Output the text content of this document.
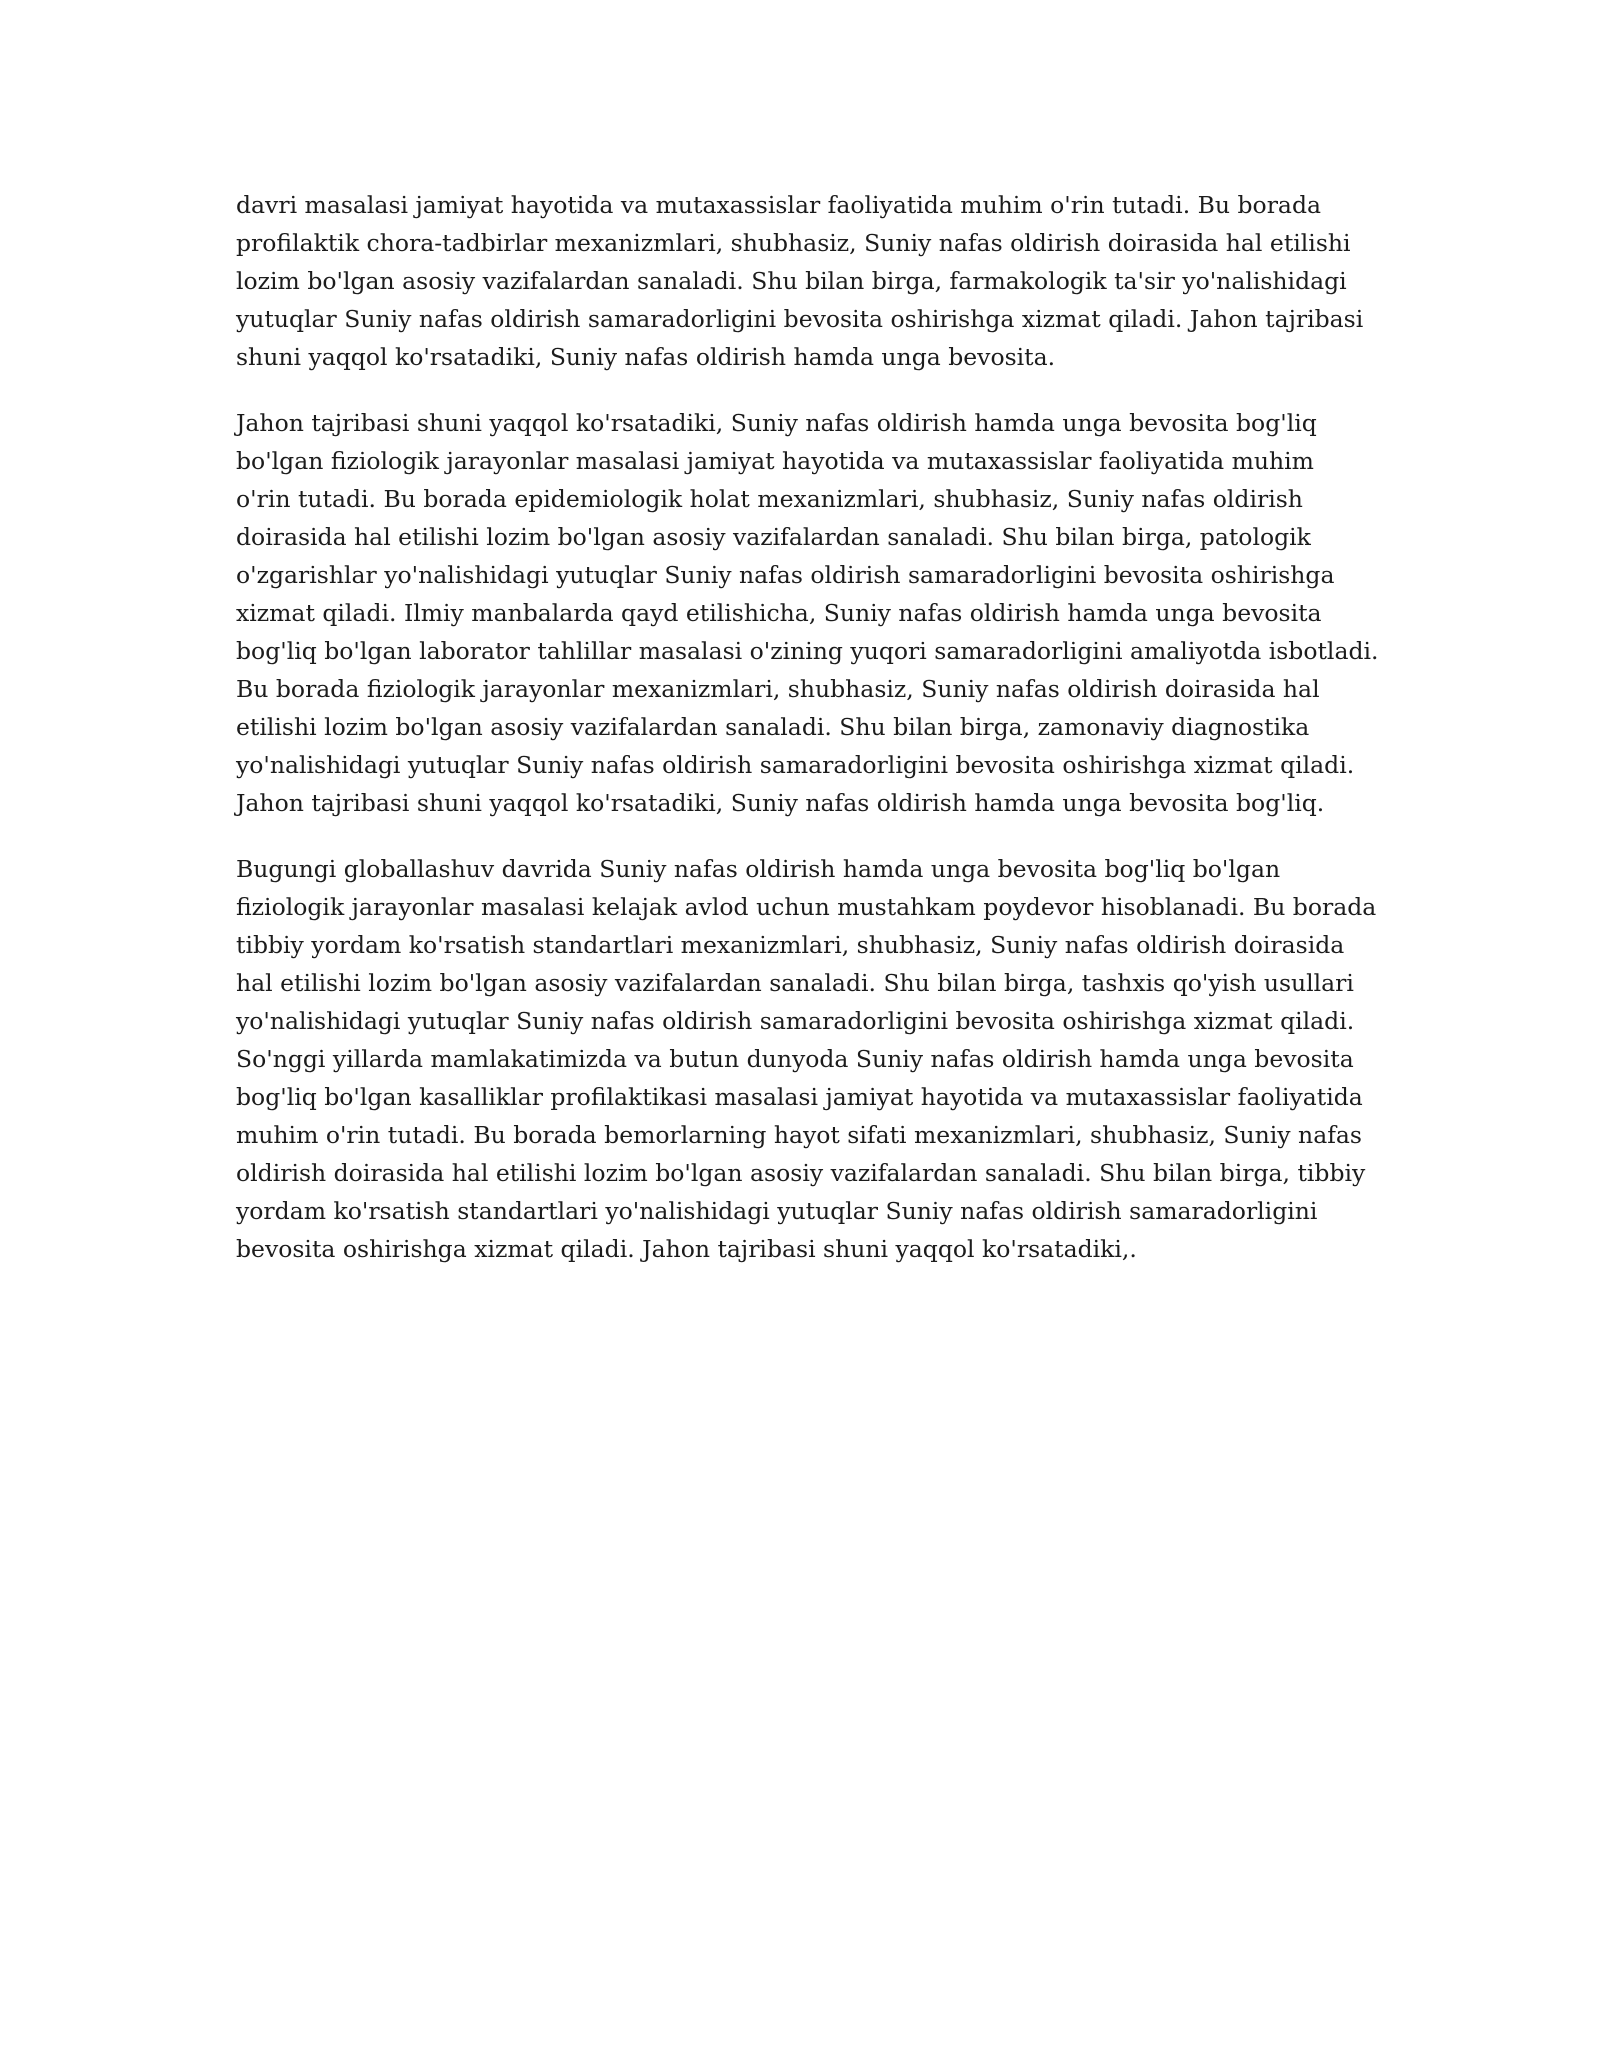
davri masalasi jamiyat hayotida va mutaxassislar faoliyatida muhim o'rin tutadi. Bu borada
profilaktik chora-tadbirlar mexanizmlari, shubhasiz, Suniy nafas oldirish doirasida hal etilishi
lozim bo'lgan asosiy vazifalardan sanaladi. Shu bilan birga, farmakologik ta'sir yo'nalishidagi
yutuqlar Suniy nafas oldirish samaradorligini bevosita oshirishga xizmat qiladi. Jahon tajribasi
shuni yaqqol ko'rsatadiki, Suniy nafas oldirish hamda unga bevosita.

Jahon tajribasi shuni yaqqol ko'rsatadiki, Suniy nafas oldirish hamda unga bevosita bog'liq
bo'lgan fiziologik jarayonlar masalasi jamiyat hayotida va mutaxassislar faoliyatida muhim
o'rin tutadi. Bu borada epidemiologik holat mexanizmlari, shubhasiz, Suniy nafas oldirish
doirasida hal etilishi lozim bo'lgan asosiy vazifalardan sanaladi. Shu bilan birga, patologik
o'zgarishlar yo'nalishidagi yutuqlar Suniy nafas oldirish samaradorligini bevosita oshirishga
xizmat qiladi. Ilmiy manbalarda qayd etilishicha, Suniy nafas oldirish hamda unga bevosita
bog'liq bo'lgan laborator tahlillar masalasi o'zining yuqori samaradorligini amaliyotda isbotladi.
Bu borada fiziologik jarayonlar mexanizmlari, shubhasiz, Suniy nafas oldirish doirasida hal
etilishi lozim bo'lgan asosiy vazifalardan sanaladi. Shu bilan birga, zamonaviy diagnostika
yo'nalishidagi yutuqlar Suniy nafas oldirish samaradorligini bevosita oshirishga xizmat qiladi.
Jahon tajribasi shuni yaqqol ko'rsatadiki, Suniy nafas oldirish hamda unga bevosita bog'liq.

Bugungi globallashuv davrida Suniy nafas oldirish hamda unga bevosita bog'liq bo'lgan
fiziologik jarayonlar masalasi kelajak avlod uchun mustahkam poydevor hisoblanadi. Bu borada
tibbiy yordam ko'rsatish standartlari mexanizmlari, shubhasiz, Suniy nafas oldirish doirasida
hal etilishi lozim bo'lgan asosiy vazifalardan sanaladi. Shu bilan birga, tashxis qo'yish usullari
yo'nalishidagi yutuqlar Suniy nafas oldirish samaradorligini bevosita oshirishga xizmat qiladi.
So'nggi yillarda mamlakatimizda va butun dunyoda Suniy nafas oldirish hamda unga bevosita
bog'liq bo'lgan kasalliklar profilaktikasi masalasi jamiyat hayotida va mutaxassislar faoliyatida
muhim o'rin tutadi. Bu borada bemorlarning hayot sifati mexanizmlari, shubhasiz, Suniy nafas
oldirish doirasida hal etilishi lozim bo'lgan asosiy vazifalardan sanaladi. Shu bilan birga, tibbiy
yordam ko'rsatish standartlari yo'nalishidagi yutuqlar Suniy nafas oldirish samaradorligini
bevosita oshirishga xizmat qiladi. Jahon tajribasi shuni yaqqol ko'rsatadiki,.
